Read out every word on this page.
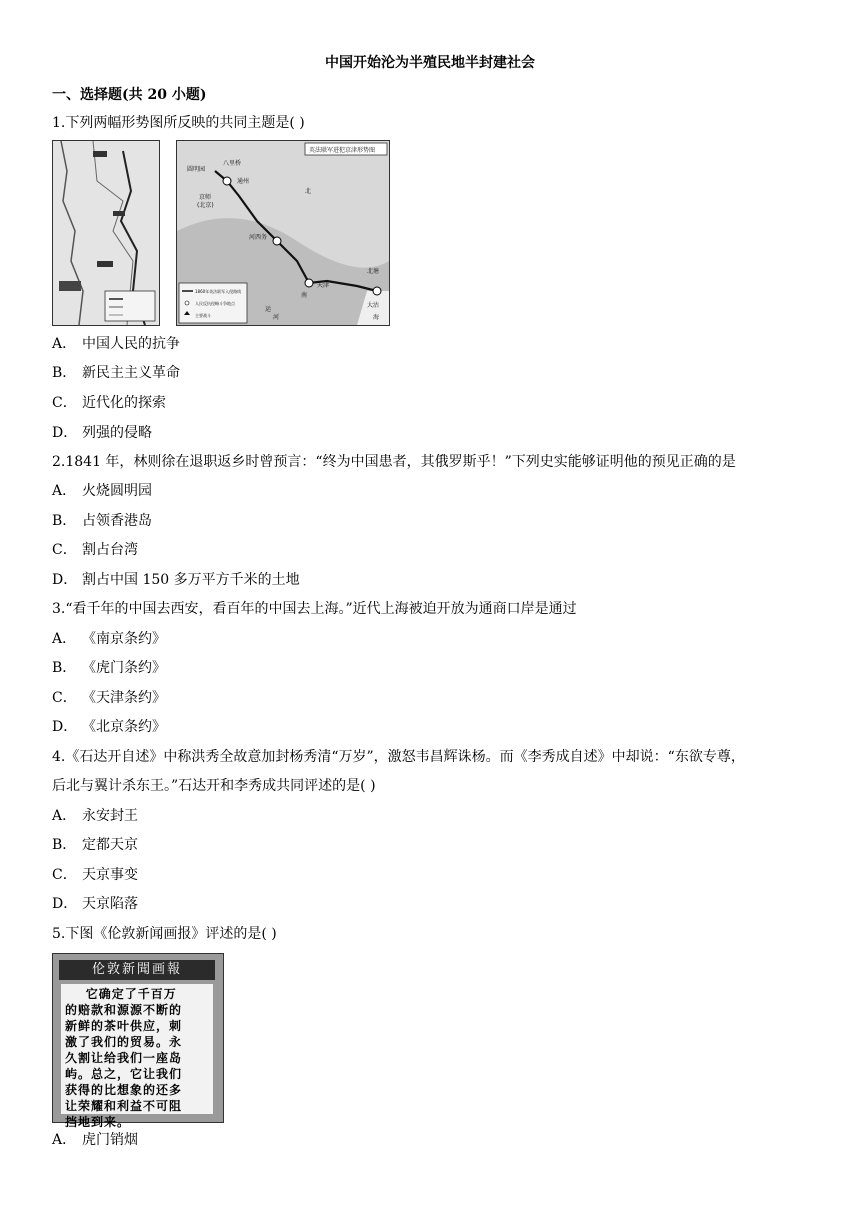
中国开始沦为半殖民地半封建社会
一、选择题(共 20 小题)
1.下列两幅形势图所反映的共同主题是( )
英法联军进犯京津形势图
圆明园
八里桥
通州
京师
(北京)
河西务
天津
北塘
大沽
海
运
河
北
南
1860年英法联军入侵路线
人民反抗侵略斗争地点
主要战斗
A． 中国人民的抗争
B． 新民主主义革命
C． 近代化的探索
D． 列强的侵略
2.1841 年，林则徐在退职返乡时曾预言：“终为中国患者，其俄罗斯乎！”下列史实能够证明他的预见正确的是
A． 火烧圆明园
B． 占领香港岛
C． 割占台湾
D． 割占中国 150 多万平方千米的土地
3.“看千年的中国去西安，看百年的中国去上海。”近代上海被迫开放为通商口岸是通过
A． 《南京条约》
B． 《虎门条约》
C． 《天津条约》
D． 《北京条约》
4.《石达开自述》中称洪秀全故意加封杨秀清“万岁”，激怒韦昌辉诛杨。而《李秀成自述》中却说：“东欲专尊，
后北与翼计杀东王。”石达开和李秀成共同评述的是( )
A． 永安封王
B． 定都天京
C． 天京事变
D． 天京陷落
5.下图《伦敦新闻画报》评述的是( )
伦敦新聞画報
它确定了千百万
的赔款和源源不断的
新鲜的茶叶供应，刺
激了我们的贸易。永
久割让给我们一座岛
屿。总之，它让我们
获得的比想象的还多
让荣耀和利益不可阻
挡地到来。
A． 虎门销烟
